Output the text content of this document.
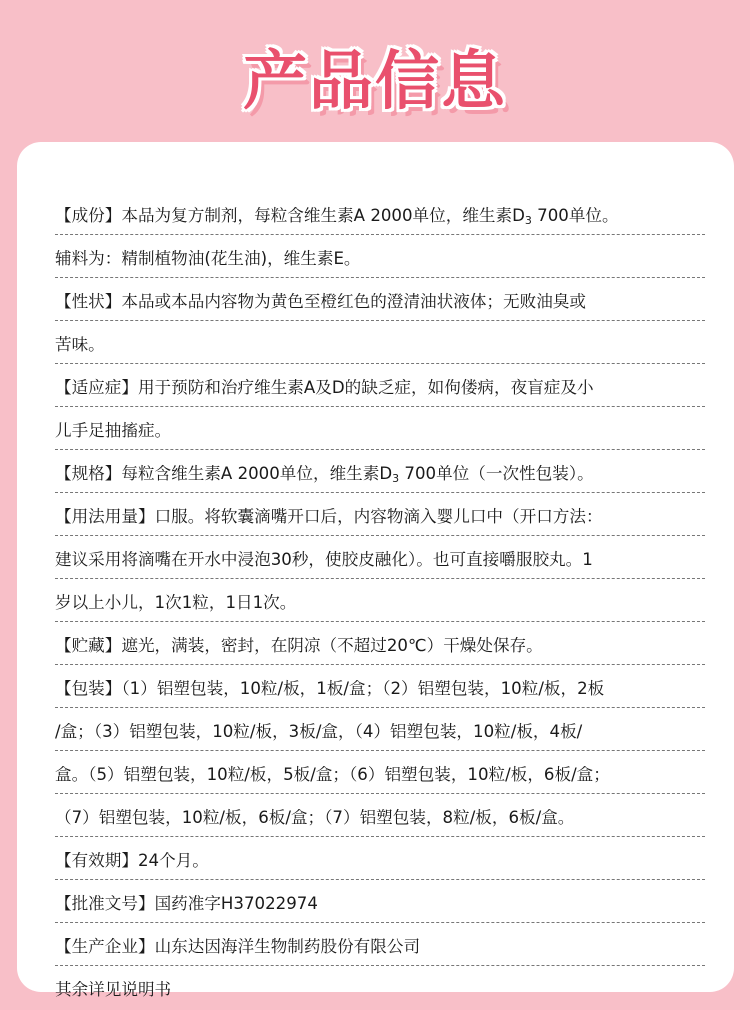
产品信息
【成份】本品为复方制剂，每粒含维生素A 2000单位，维生素$D_3$ 700单位。
辅料为：精制植物油(花生油)，维生素E。
【性状】本品或本品内容物为黄色至橙红色的澄清油状液体；无败油臭或
苦味。
【适应症】用于预防和治疗维生素A及D的缺乏症，如佝偻病，夜盲症及小
儿手足抽搐症。
【规格】每粒含维生素A 2000单位，维生素$D_3$ 700单位（一次性包装）。
【用法用量】口服。将软囊滴嘴开口后，内容物滴入婴儿口中（开口方法：
建议采用将滴嘴在开水中浸泡30秒，使胶皮融化）。也可直接嚼服胶丸。1
岁以上小儿，1次1粒，1日1次。
【贮藏】遮光，满装，密封，在阴凉（不超过20℃）干燥处保存。
【包装】（1）铝塑包装，10粒/板，1板/盒；（2）铝塑包装，10粒/板，2板
/盒；（3）铝塑包装，10粒/板，3板/盒，（4）铝塑包装，10粒/板，4板/
盒。（5）铝塑包装，10粒/板，5板/盒；（6）铝塑包装，10粒/板，6板/盒；
（7）铝塑包装，10粒/板，6板/盒；（7）铝塑包装，8粒/板，6板/盒。
【有效期】24个月。
【批准文号】国药准字H37022974
【生产企业】山东达因海洋生物制药股份有限公司
其余详见说明书
